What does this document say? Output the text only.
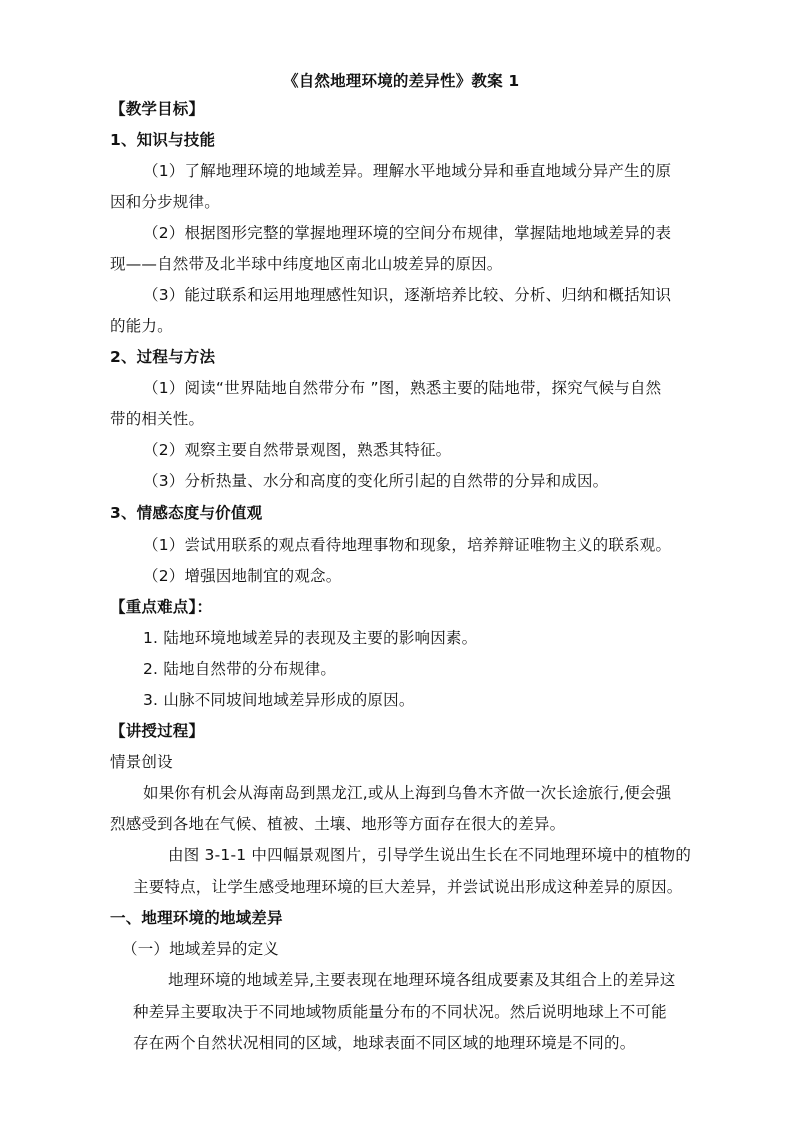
《自然地理环境的差异性》教案 1
【教学目标】
1、知识与技能
（1）了解地理环境的地域差异。理解水平地域分异和垂直地域分异产生的原
因和分步规律。
（2）根据图形完整的掌握地理环境的空间分布规律，掌握陆地地域差异的表
现——自然带及北半球中纬度地区南北山坡差异的原因。
（3）能过联系和运用地理感性知识，逐渐培养比较、分析、归纳和概括知识
的能力。
2、过程与方法
（1）阅读“世界陆地自然带分布 ”图，熟悉主要的陆地带，探究气候与自然
带的相关性。
（2）观察主要自然带景观图，熟悉其特征。
（3）分析热量、水分和高度的变化所引起的自然带的分异和成因。
3、情感态度与价值观
（1）尝试用联系的观点看待地理事物和现象，培养辩证唯物主义的联系观。
（2）增强因地制宜的观念。
【重点难点】：
1. 陆地环境地域差异的表现及主要的影响因素。
2. 陆地自然带的分布规律。
3. 山脉不同坡间地域差异形成的原因。
【讲授过程】
情景创设
如果你有机会从海南岛到黑龙江,或从上海到乌鲁木齐做一次长途旅行,便会强
烈感受到各地在气候、植被、土壤、地形等方面存在很大的差异。
由图 3-1-1 中四幅景观图片，引导学生说出生长在不同地理环境中的植物的
主要特点，让学生感受地理环境的巨大差异，并尝试说出形成这种差异的原因。
一、地理环境的地域差异
（一）地域差异的定义
地理环境的地域差异,主要表现在地理环境各组成要素及其组合上的差异这
种差异主要取决于不同地域物质能量分布的不同状况。然后说明地球上不可能
存在两个自然状况相同的区域，地球表面不同区域的地理环境是不同的。
